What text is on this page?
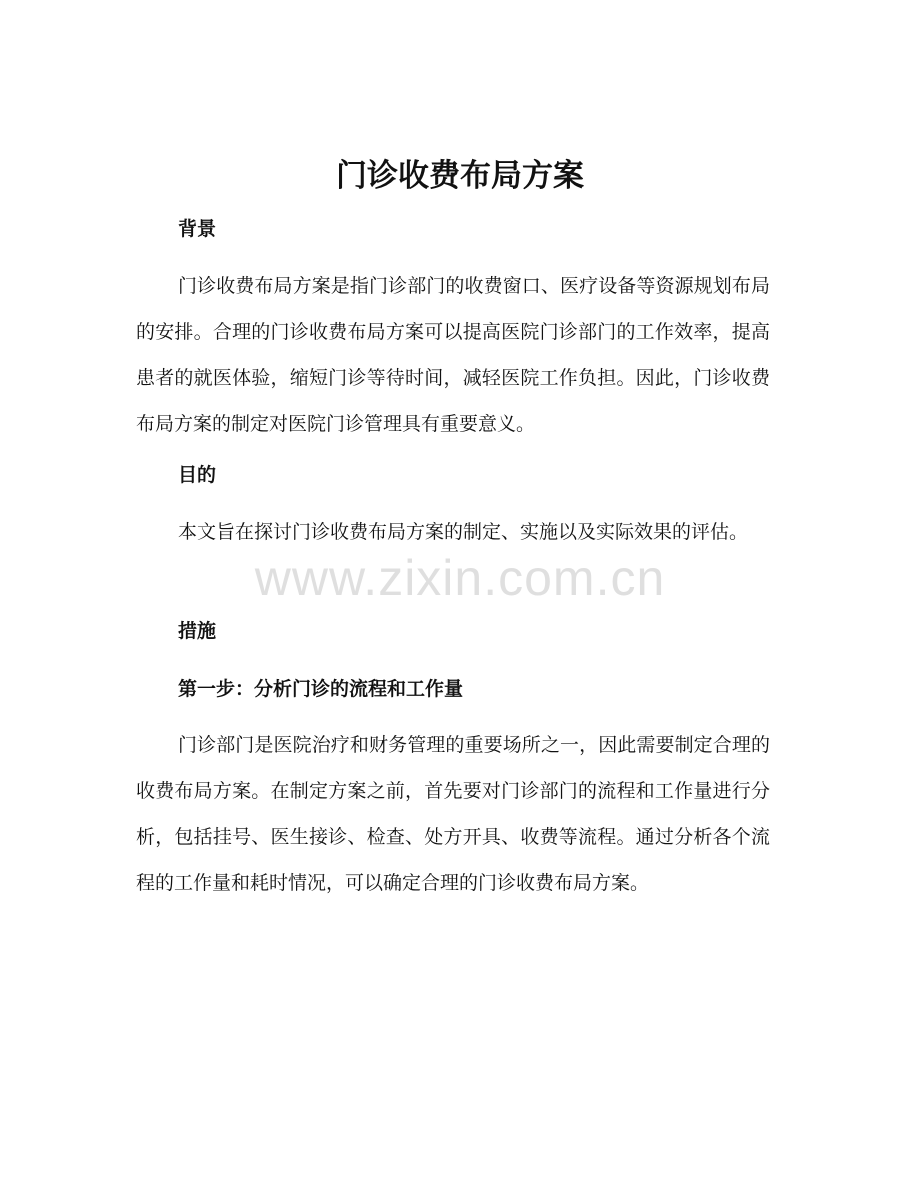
门诊收费布局方案
背景

门诊收费布局方案是指门诊部门的收费窗口、医疗设备等资源规划布局的安排。合理的门诊收费布局方案可以提高医院门诊部门的工作效率，提高患者的就医体验，缩短门诊等待时间，减轻医院工作负担。因此，门诊收费布局方案的制定对医院门诊管理具有重要意义。

目的

本文旨在探讨门诊收费布局方案的制定、实施以及实际效果的评估。

措施
第一步：分析门诊的流程和工作量

门诊部门是医院治疗和财务管理的重要场所之一，因此需要制定合理的收费布局方案。在制定方案之前，首先要对门诊部门的流程和工作量进行分析，包括挂号、医生接诊、检查、处方开具、收费等流程。通过分析各个流程的工作量和耗时情况，可以确定合理的门诊收费布局方案。

www.zixin.com.cn
